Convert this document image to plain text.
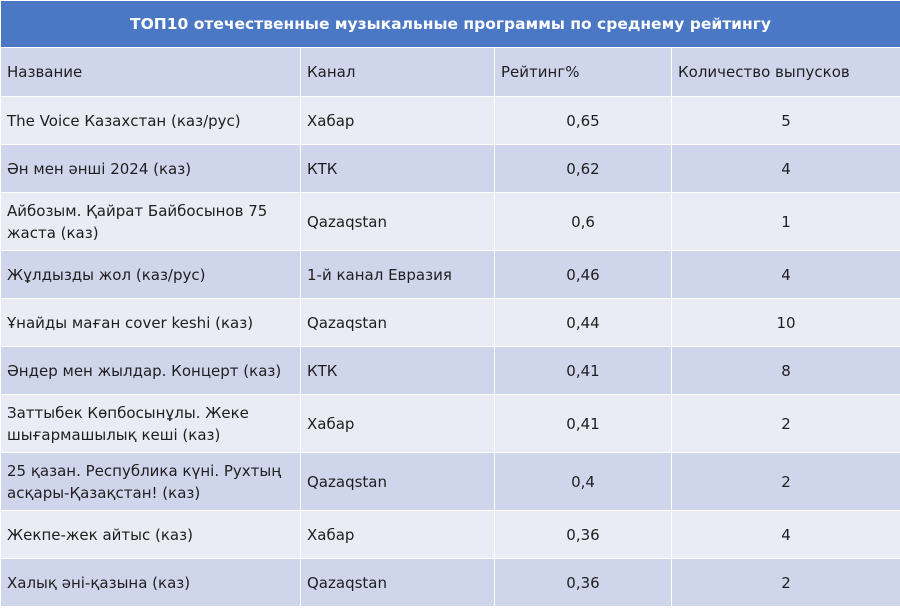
ТОП10 отечественные музыкальные программы по среднему рейтингу			
Название	Канал	Рейтинг%	Количество выпусков
The Voice Казахстан (каз/рус)	Хабар	0,65	5
Ән мен әнші 2024 (каз)	КТК	0,62	4
Айбозым. Қайрат Байбосынов 75 жаста (каз)	Qazaqstan	0,6	1
Жұлдызды жол (каз/рус)	1-й канал Евразия	0,46	4
Ұнайды маған cover keshi (каз)	Qazaqstan	0,44	10
Әндер мен жылдар. Концерт (каз)	КТК	0,41	8
Заттыбек Көпбосынұлы. Жеке шығармашылық кеші (каз)	Хабар	0,41	2
25 қазан. Республика күні. Рухтың асқары-Қазақстан! (каз)	Qazaqstan	0,4	2
Жекпе-жек айтыс (каз)	Хабар	0,36	4
Халық әні-қазына (каз)	Qazaqstan	0,36	2
